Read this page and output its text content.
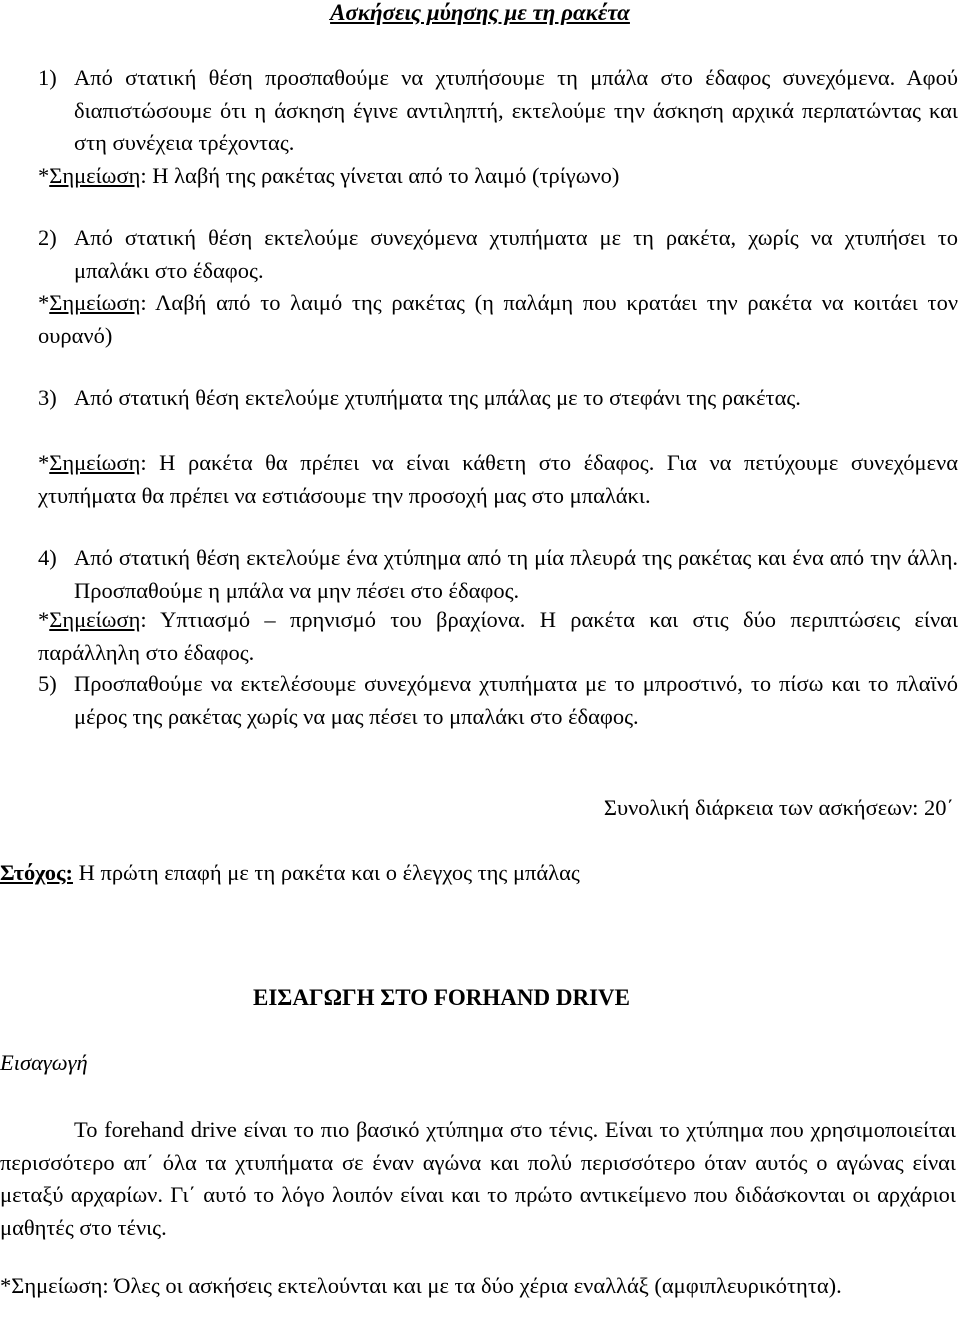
Ασκήσεις μύησης με τη ρακέτα
1) Από στατική θέση προσπαθούμε να χτυπήσουμε τη μπάλα στο έδαφος συνεχόμενα. Αφού διαπιστώσουμε ότι η άσκηση έγινε αντιληπτή, εκτελούμε την άσκηση αρχικά περπατώντας και στη συνέχεια τρέχοντας.
*Σημείωση: Η λαβή της ρακέτας γίνεται από το λαιμό (τρίγωνο)
2) Από στατική θέση εκτελούμε συνεχόμενα χτυπήματα με τη ρακέτα, χωρίς να χτυπήσει το μπαλάκι στο έδαφος.
*Σημείωση: Λαβή από το λαιμό της ρακέτας (η παλάμη που κρατάει την ρακέτα να κοιτάει τον ουρανό)
3) Από στατική θέση εκτελούμε χτυπήματα της μπάλας με το στεφάνι της ρακέτας.
*Σημείωση: Η ρακέτα θα πρέπει να είναι κάθετη στο έδαφος. Για να πετύχουμε συνεχόμενα χτυπήματα θα πρέπει να εστιάσουμε την προσοχή μας στο μπαλάκι.
4) Από στατική θέση εκτελούμε ένα χτύπημα από τη μία πλευρά της ρακέτας και ένα από την άλλη. Προσπαθούμε η μπάλα να μην πέσει στο έδαφος.
*Σημείωση: Υπτιασμό – πρηνισμό του βραχίονα. Η ρακέτα και στις δύο περιπτώσεις είναι παράλληλη στο έδαφος.
5) Προσπαθούμε να εκτελέσουμε συνεχόμενα χτυπήματα με το μπροστινό, το πίσω και το πλαϊνό μέρος της ρακέτας χωρίς να μας πέσει το μπαλάκι στο έδαφος.
Συνολική διάρκεια των ασκήσεων: 20΄
Στόχος: Η πρώτη επαφή με τη ρακέτα και ο έλεγχος της μπάλας
ΕΙΣΑΓΩΓΗ ΣΤΟ FORHAND DRIVE
Εισαγωγή
Το forehand drive είναι το πιο βασικό χτύπημα στο τένις. Είναι το χτύπημα που χρησιμοποιείται περισσότερο απ΄ όλα τα χτυπήματα σε έναν αγώνα και πολύ περισσότερο όταν αυτός ο αγώνας είναι μεταξύ αρχαρίων. Γι΄ αυτό το λόγο λοιπόν είναι και το πρώτο αντικείμενο που διδάσκονται οι αρχάριοι μαθητές στο τένις.
*Σημείωση: Όλες οι ασκήσεις εκτελούνται και με τα δύο χέρια εναλλάξ (αμφιπλευρικότητα).
